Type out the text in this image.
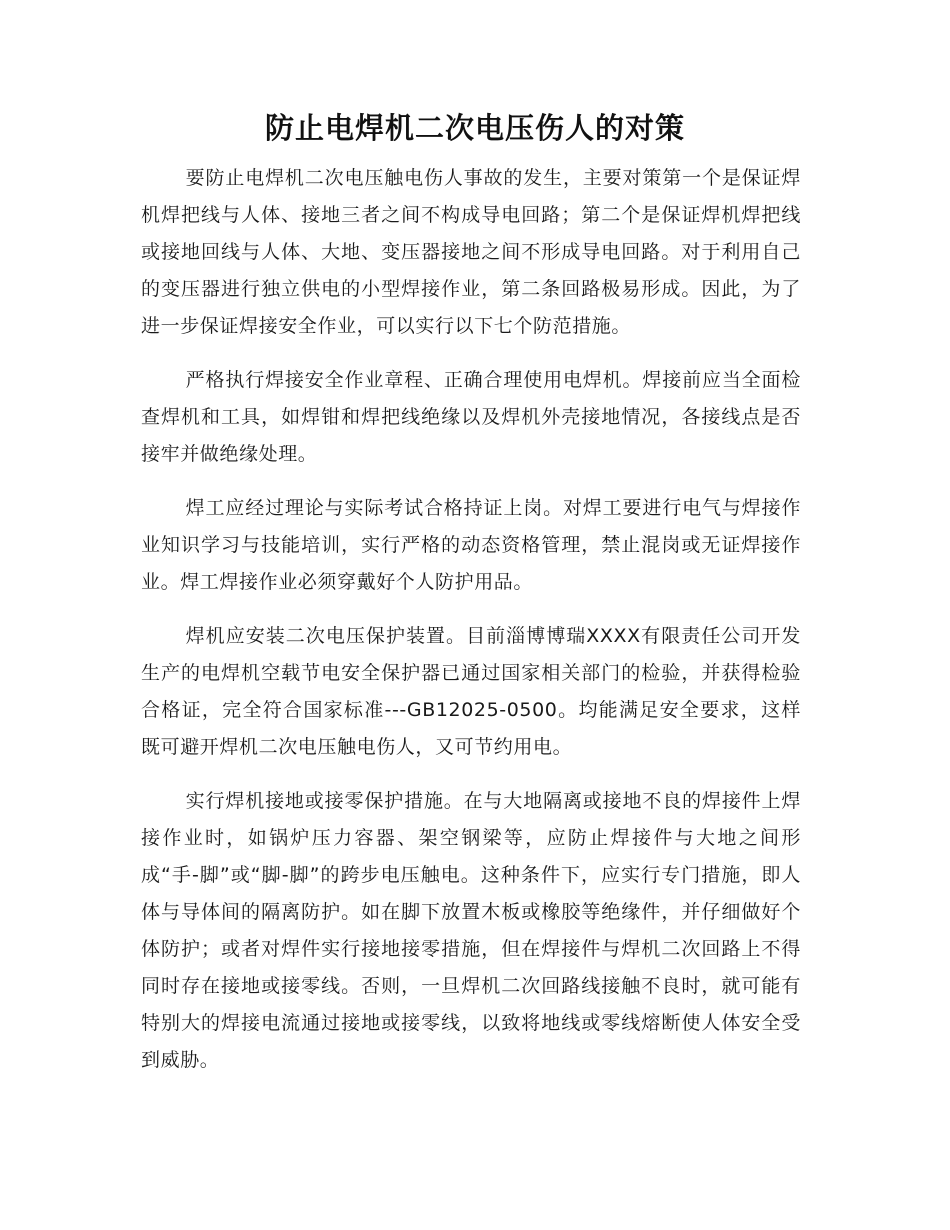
防止电焊机二次电压伤人的对策

要防止电焊机二次电压触电伤人事故的发生，主要对策第一个是保证焊机焊把线与人体、接地三者之间不构成导电回路；第二个是保证焊机焊把线或接地回线与人体、大地、变压器接地之间不形成导电回路。对于利用自己的变压器进行独立供电的小型焊接作业，第二条回路极易形成。因此，为了进一步保证焊接安全作业，可以实行以下七个防范措施。

严格执行焊接安全作业章程、正确合理使用电焊机。焊接前应当全面检查焊机和工具，如焊钳和焊把线绝缘以及焊机外壳接地情况，各接线点是否接牢并做绝缘处理。

焊工应经过理论与实际考试合格持证上岗。对焊工要进行电气与焊接作业知识学习与技能培训，实行严格的动态资格管理，禁止混岗或无证焊接作业。焊工焊接作业必须穿戴好个人防护用品。

焊机应安装二次电压保护装置。目前淄博博瑞XXXX有限责任公司开发生产的电焊机空载节电安全保护器已通过国家相关部门的检验，并获得检验合格证，完全符合国家标准---GB12025-0500。均能满足安全要求，这样既可避开焊机二次电压触电伤人，又可节约用电。

实行焊机接地或接零保护措施。在与大地隔离或接地不良的焊接件上焊接作业时，如锅炉压力容器、架空钢梁等，应防止焊接件与大地之间形成“手-脚”或“脚-脚”的跨步电压触电。这种条件下，应实行专门措施，即人体与导体间的隔离防护。如在脚下放置木板或橡胶等绝缘件，并仔细做好个体防护；或者对焊件实行接地接零措施，但在焊接件与焊机二次回路上不得同时存在接地或接零线。否则，一旦焊机二次回路线接触不良时，就可能有特别大的焊接电流通过接地或接零线，以致将地线或零线熔断使人体安全受到威胁。
